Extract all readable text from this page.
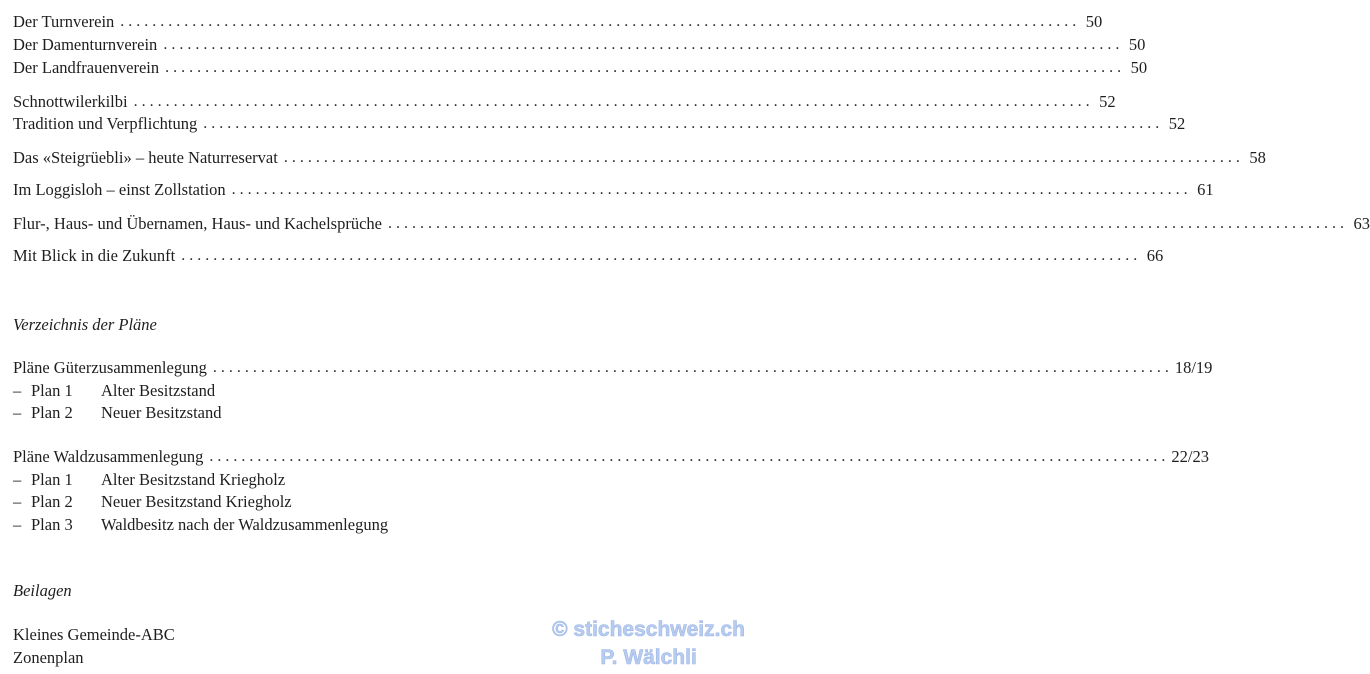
Der Turnverein . . . . . . . . . . . . . . . . . . . . . . . . . . . . . . . . . . . . . . . . . . . . . . . . . . . . . . . . . . . . . . . . . . . . . . . . . . . . . . . . . . . . . . . . . . . . . . . . . . . . . . . . . . . . . . . . . . . . . . . . 50
Der Damenturnverein . . . . . . . . . . . . . . . . . . . . . . . . . . . . . . . . . . . . . . . . . . . . . . . . . . . . . . . . . . . . . . . . . . . . . . . . . . . . . . . . . . . . . . . . . . . . . . . . . . . . . . . . . . . . . . . . . . . . . . . . 50
Der Landfrauenverein . . . . . . . . . . . . . . . . . . . . . . . . . . . . . . . . . . . . . . . . . . . . . . . . . . . . . . . . . . . . . . . . . . . . . . . . . . . . . . . . . . . . . . . . . . . . . . . . . . . . . . . . . . . . . . . . . . . . . . . . 50
Schnottwilerkilbi . . . . . . . . . . . . . . . . . . . . . . . . . . . . . . . . . . . . . . . . . . . . . . . . . . . . . . . . . . . . . . . . . . . . . . . . . . . . . . . . . . . . . . . . . . . . . . . . . . . . . . . . . . . . . . . . . . . . . . . . 52
Tradition und Verpflichtung . . . . . . . . . . . . . . . . . . . . . . . . . . . . . . . . . . . . . . . . . . . . . . . . . . . . . . . . . . . . . . . . . . . . . . . . . . . . . . . . . . . . . . . . . . . . . . . . . . . . . . . . . . . . . . . . . . . . . . . . 52
Das «Steigrüebli» – heute Naturreservat . . . . . . . . . . . . . . . . . . . . . . . . . . . . . . . . . . . . . . . . . . . . . . . . . . . . . . . . . . . . . . . . . . . . . . . . . . . . . . . . . . . . . . . . . . . . . . . . . . . . . . . . . . . . . . . . . . . . . . . . 58
Im Loggisloh – einst Zollstation . . . . . . . . . . . . . . . . . . . . . . . . . . . . . . . . . . . . . . . . . . . . . . . . . . . . . . . . . . . . . . . . . . . . . . . . . . . . . . . . . . . . . . . . . . . . . . . . . . . . . . . . . . . . . . . . . . . . . . . . 61
Flur-, Haus- und Übernamen, Haus- und Kachelsprüche . . . . . . . . . . . . . . . . . . . . . . . . . . . . . . . . . . . . . . . . . . . . . . . . . . . . . . . . . . . . . . . . . . . . . . . . . . . . . . . . . . . . . . . . . . . . . . . . . . . . . . . . . . . . . . . . . . . . . . . . 63
Mit Blick in die Zukunft . . . . . . . . . . . . . . . . . . . . . . . . . . . . . . . . . . . . . . . . . . . . . . . . . . . . . . . . . . . . . . . . . . . . . . . . . . . . . . . . . . . . . . . . . . . . . . . . . . . . . . . . . . . . . . . . . . . . . . . . 66
Verzeichnis der Pläne
Pläne Güterzusammenlegung . . . . . . . . . . . . . . . . . . . . . . . . . . . . . . . . . . . . . . . . . . . . . . . . . . . . . . . . . . . . . . . . . . . . . . . . . . . . . . . . . . . . . . . . . . . . . . . . . . . . . . . . . . . . . . . . . . . . . . . . 18/19
– Plan 1 Alter Besitzstand
– Plan 2 Neuer Besitzstand
Pläne Waldzusammenlegung . . . . . . . . . . . . . . . . . . . . . . . . . . . . . . . . . . . . . . . . . . . . . . . . . . . . . . . . . . . . . . . . . . . . . . . . . . . . . . . . . . . . . . . . . . . . . . . . . . . . . . . . . . . . . . . . . . . . . . . . 22/23
– Plan 1 Alter Besitzstand Kriegholz
– Plan 2 Neuer Besitzstand Kriegholz
– Plan 3 Waldbesitz nach der Waldzusammenlegung
Beilagen
Kleines Gemeinde-ABC
Zonenplan
© sticheschweiz.ch
P. Wälchli
